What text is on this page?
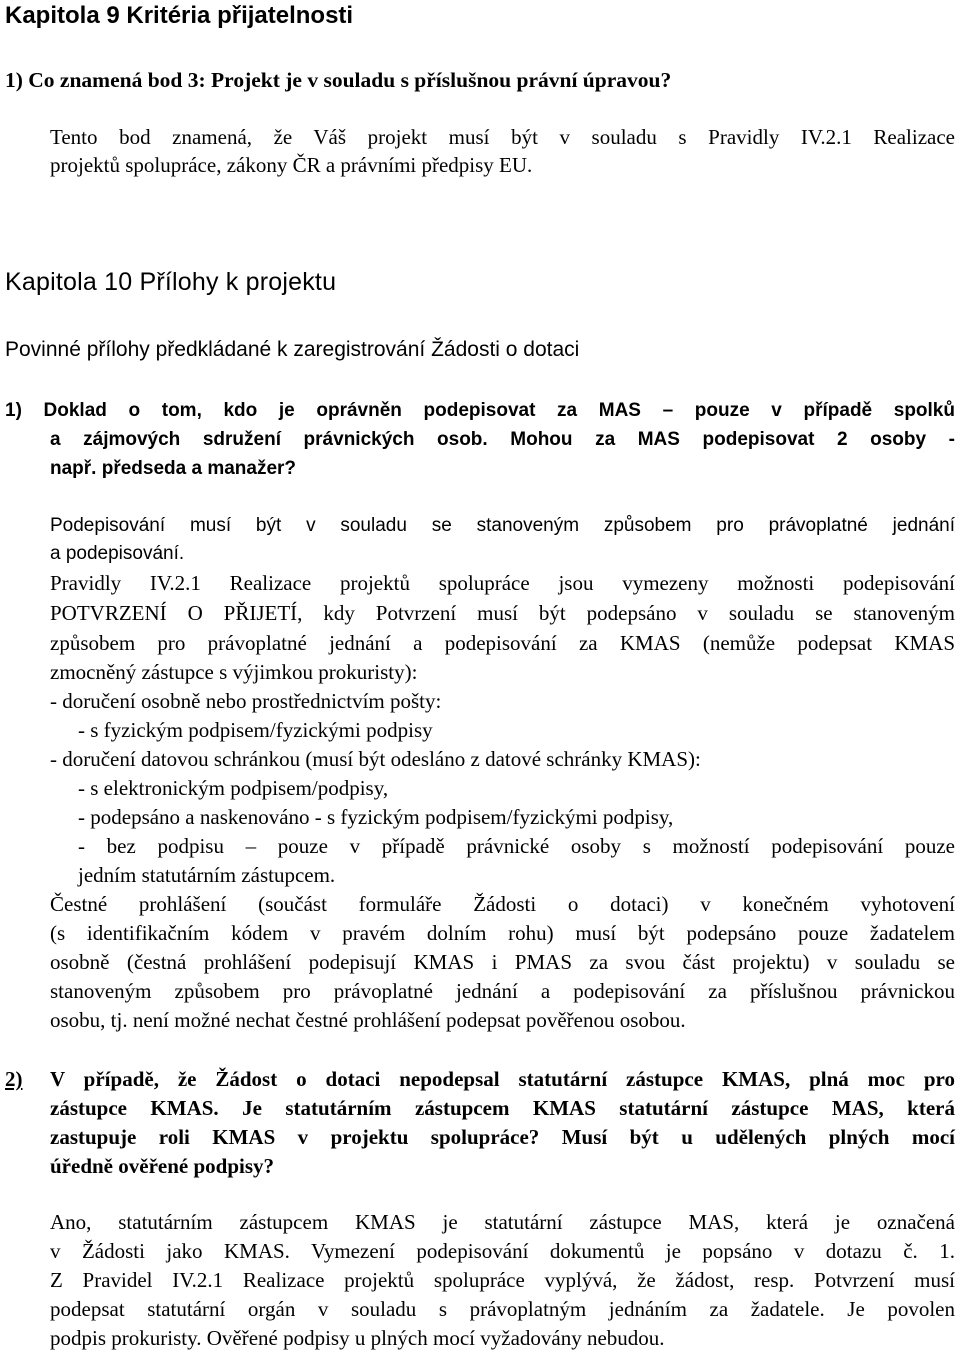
Kapitola 9 Kritéria přijatelnosti
1) Co znamená bod 3: Projekt je v souladu s příslušnou právní úpravou?
Tento bod znamená, že Váš projekt musí být v souladu s Pravidly IV.2.1 Realizace
projektů spolupráce, zákony ČR a právními předpisy EU.
Kapitola 10 Přílohy k projektu
Povinné přílohy předkládané k zaregistrování Žádosti o dotaci
1) Doklad o tom, kdo je oprávněn podepisovat za MAS – pouze v případě spolků
a zájmových sdružení právnických osob. Mohou za MAS podepisovat 2 osoby -
např. předseda a manažer?
Podepisování musí být v souladu se stanoveným způsobem pro právoplatné jednání
a podepisování.
Pravidly IV.2.1 Realizace projektů spolupráce jsou vymezeny možnosti podepisování
POTVRZENÍ O PŘIJETÍ, kdy Potvrzení musí být podepsáno v souladu se stanoveným
způsobem pro právoplatné jednání a podepisování za KMAS (nemůže podepsat KMAS
zmocněný zástupce s výjimkou prokuristy):
- doručení osobně nebo prostřednictvím pošty:
- s fyzickým podpisem/fyzickými podpisy
- doručení datovou schránkou (musí být odesláno z datové schránky KMAS):
- s elektronickým podpisem/podpisy,
- podepsáno a naskenováno - s fyzickým podpisem/fyzickými podpisy,
- bez podpisu – pouze v případě právnické osoby s možností podepisování pouze
jedním statutárním zástupcem.
Čestné prohlášení (součást formuláře Žádosti o dotaci) v konečném vyhotovení
(s identifikačním kódem v pravém dolním rohu) musí být podepsáno pouze žadatelem
osobně (čestná prohlášení podepisují KMAS i PMAS za svou část projektu) v souladu se
stanoveným způsobem pro právoplatné jednání a podepisování za příslušnou právnickou
osobu, tj. není možné nechat čestné prohlášení podepsat pověřenou osobou.
2) V případě, že Žádost o dotaci nepodepsal statutární zástupce KMAS, plná moc pro
zástupce KMAS. Je statutárním zástupcem KMAS statutární zástupce MAS, která
zastupuje roli KMAS v projektu spolupráce? Musí být u udělených plných mocí
úředně ověřené podpisy?
Ano, statutárním zástupcem KMAS je statutární zástupce MAS, která je označená
v Žádosti jako KMAS. Vymezení podepisování dokumentů je popsáno v dotazu č. 1.
Z Pravidel IV.2.1 Realizace projektů spolupráce vyplývá, že žádost, resp. Potvrzení musí
podepsat statutární orgán v souladu s právoplatným jednáním za žadatele. Je povolen
podpis prokuristy. Ověřené podpisy u plných mocí vyžadovány nebudou.
